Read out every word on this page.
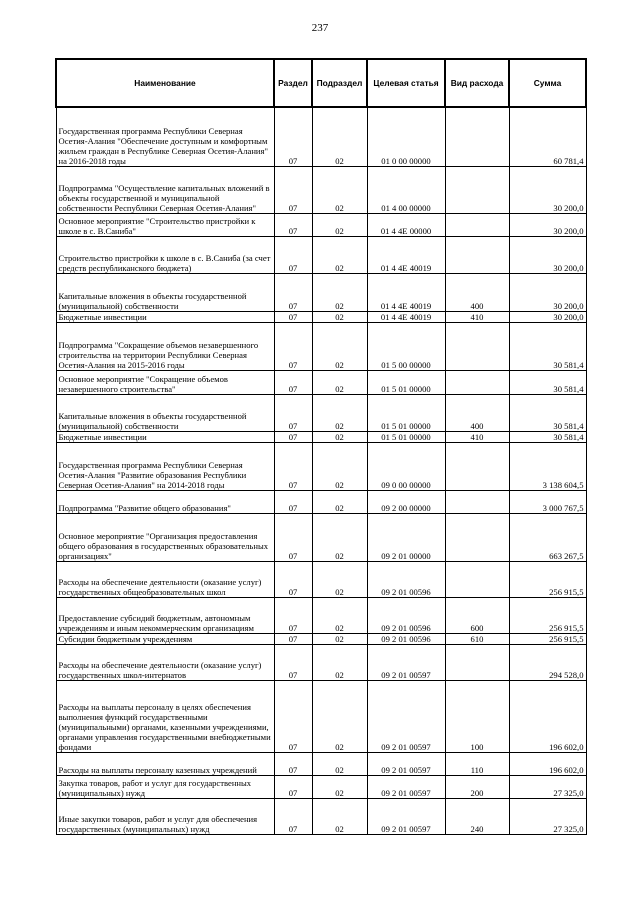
237
Наименование	Раздел	Подраздел	Целевая статья	Вид расхода	Сумма
Государственная программа Республики Северная Осетия-Алания "Обеспечение доступным и комфортным жильем граждан в Республике Северная Осетия-Алания" на 2016-2018 годы	07	02	01 0 00 00000		60 781,4
Подпрограмма "Осуществление капитальных вложений в объекты государственной и муниципальной собственности Республики Северная Осетия-Алания"	07	02	01 4 00 00000		30 200,0
Основное мероприятие "Строительство пристройки к школе в с. В.Саниба"	07	02	01 4 4Е 00000		30 200,0
Строительство пристройки к школе в с. В.Саниба (за счет средств республиканского бюджета)	07	02	01 4 4Е 40019		30 200,0
Капитальные вложения в объекты государственной (муниципальной) собственности	07	02	01 4 4Е 40019	400	30 200,0
Бюджетные инвестиции	07	02	01 4 4Е 40019	410	30 200,0
Подпрограмма "Сокращение объемов незавершенного строительства на территории Республики Северная Осетия-Алания на 2015-2016 годы	07	02	01 5 00 00000		30 581,4
Основное мероприятие "Сокращение объемов незавершенного строительства"	07	02	01 5 01 00000		30 581,4
Капитальные вложения в объекты государственной (муниципальной) собственности	07	02	01 5 01 00000	400	30 581,4
Бюджетные инвестиции	07	02	01 5 01 00000	410	30 581,4
Государственная программа Республики Северная Осетия-Алания "Развитие образования Республики Северная Осетия-Алания" на 2014-2018 годы	07	02	09 0 00 00000		3 138 604,5
Подпрограмма "Развитие общего образования"	07	02	09 2 00 00000		3 000 767,5
Основное мероприятие "Организация предоставления общего образования в государственных образовательных организациях"	07	02	09 2 01 00000		663 267,5
Расходы на обеспечение деятельности (оказание услуг) государственных общеобразовательных школ	07	02	09 2 01 00596		256 915,5
Предоставление субсидий бюджетным, автономным учреждениям и иным некоммерческим организациям	07	02	09 2 01 00596	600	256 915,5
Субсидии бюджетным учреждениям	07	02	09 2 01 00596	610	256 915,5
Расходы на обеспечение деятельности (оказание услуг) государственных школ-интернатов	07	02	09 2 01 00597		294 528,0
Расходы на выплаты персоналу в целях обеспечения выполнения функций государственными (муниципальными) органами, казенными учреждениями, органами управления государственными внебюджетными фондами	07	02	09 2 01 00597	100	196 602,0
Расходы на выплаты персоналу казенных учреждений	07	02	09 2 01 00597	110	196 602,0
Закупка товаров, работ и услуг для государственных (муниципальных) нужд	07	02	09 2 01 00597	200	27 325,0
Иные закупки товаров, работ и услуг для обеспечения государственных (муниципальных) нужд	07	02	09 2 01 00597	240	27 325,0
